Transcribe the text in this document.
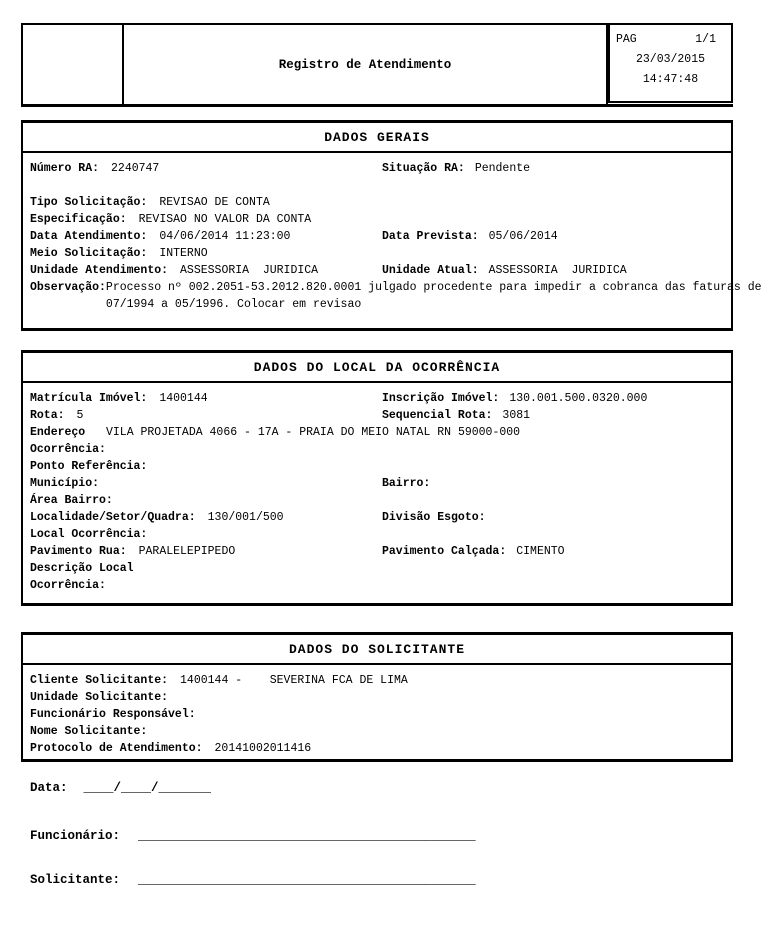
Registro de Atendimento
PAG	1/1
23/03/2015
14:47:48
DADOS GERAIS
Número RA: 2240747	Situação RA: Pendente
Tipo Solicitação: REVISAO DE CONTA
Especificação: REVISAO NO VALOR DA CONTA
Data Atendimento: 04/06/2014 11:23:00	Data Prevista: 05/06/2014
Meio Solicitação: INTERNO
Unidade Atendimento: ASSESSORIA  JURIDICA	Unidade Atual: ASSESSORIA  JURIDICA
Observação: Processo nº 002.2051-53.2012.820.0001 julgado procedente para impedir a cobranca das faturas de
07/1994 a 05/1996. Colocar em revisao
DADOS DO LOCAL DA OCORRÊNCIA
Matrícula Imóvel: 1400144	Inscrição Imóvel: 130.001.500.0320.000
Rota: 5	Sequencial Rota: 3081
Endereço	VILA PROJETADA 4066 - 17A - PRAIA DO MEIO NATAL RN 59000-000
Ocorrência:
Ponto Referência:
Município:	Bairro:
Área Bairro:
Localidade/Setor/Quadra: 130/001/500	Divisão Esgoto:
Local Ocorrência:
Pavimento Rua: PARALELEPIPEDO	Pavimento Calçada: CIMENTO
Descrição Local
Ocorrência:
DADOS DO SOLICITANTE
Cliente Solicitante: 1400144 -    SEVERINA FCA DE LIMA
Unidade Solicitante:
Funcionário Responsável:
Nome Solicitante:
Protocolo de Atendimento: 20141002011416
Data: ____/____/_______
Funcionário: _____________________________________________
Solicitante: _____________________________________________
